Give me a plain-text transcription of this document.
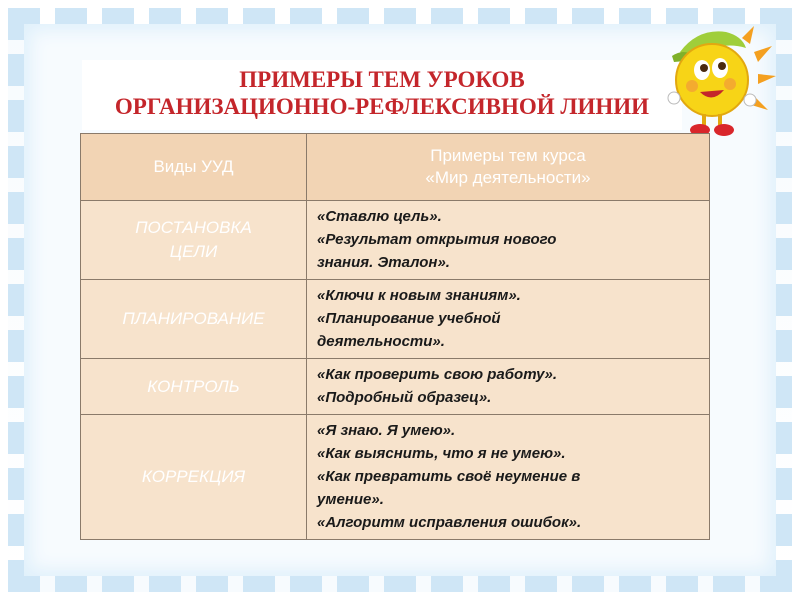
ПРИМЕРЫ ТЕМ УРОКОВ
ОРГАНИЗАЦИОННО-РЕФЛЕКСИВНОЙ ЛИНИИ
Виды УУД	Примеры тем курса
«Мир деятельности»

ПОСТАНОВКА
ЦЕЛИ	«Ставлю цель».
«Результат открытия нового
знания. Эталон».

ПЛАНИРОВАНИЕ	«Ключи к новым знаниям».
«Планирование учебной
деятельности».

КОНТРОЛЬ	«Как проверить свою работу».
«Подробный образец».

КОРРЕКЦИЯ	«Я знаю. Я умею».
«Как выяснить, что я не умею».
«Как превратить своё неумение в
умение».
«Алгоритм исправления ошибок».
